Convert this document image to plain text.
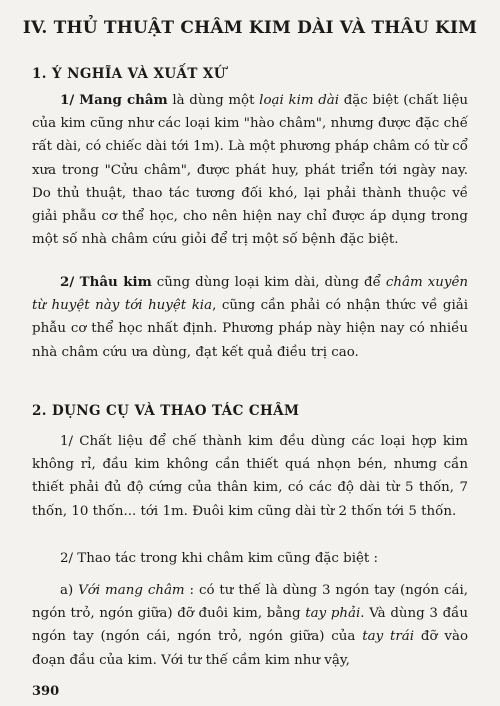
IV. THỦ THUẬT CHÂM KIM DÀI VÀ THÂU KIM
1. Ý NGHĨA VÀ XUẤT XỨ
1/ Mang châm là dùng một loại kim dài đặc biệt (chất liệu của kim cũng như các loại kim "hào châm", nhưng được đặc chế rất dài, có chiếc dài tới 1m). Là một phương pháp châm có từ cổ xưa trong "Cửu châm", được phát huy, phát triển tới ngày nay. Do thủ thuật, thao tác tương đối khó, lại phải thành thuộc về giải phẫu cơ thể học, cho nên hiện nay chỉ được áp dụng trong một số nhà châm cứu giỏi để trị một số bệnh đặc biệt.
2/ Thâu kim cũng dùng loại kim dài, dùng để châm xuyên từ huyệt này tới huyệt kia, cũng cần phải có nhận thức về giải phẫu cơ thể học nhất định. Phương pháp này hiện nay có nhiều nhà châm cứu ưa dùng, đạt kết quả điều trị cao.
2. DỤNG CỤ VÀ THAO TÁC CHÂM
1/ Chất liệu để chế thành kim đều dùng các loại hợp kim không rỉ, đầu kim không cần thiết quá nhọn bén, nhưng cần thiết phải đủ độ cứng của thân kim, có các độ dài từ 5 thốn, 7 thốn, 10 thốn... tới 1m. Đuôi kim cũng dài từ 2 thốn tới 5 thốn.
2/ Thao tác trong khi châm kim cũng đặc biệt :
a) Với mang châm : có tư thế là dùng 3 ngón tay (ngón cái, ngón trỏ, ngón giữa) đỡ đuôi kim, bằng tay phải. Và dùng 3 đầu ngón tay (ngón cái, ngón trỏ, ngón giữa) của tay trái đỡ vào đoạn đầu của kim. Với tư thế cầm kim như vậy,
390
